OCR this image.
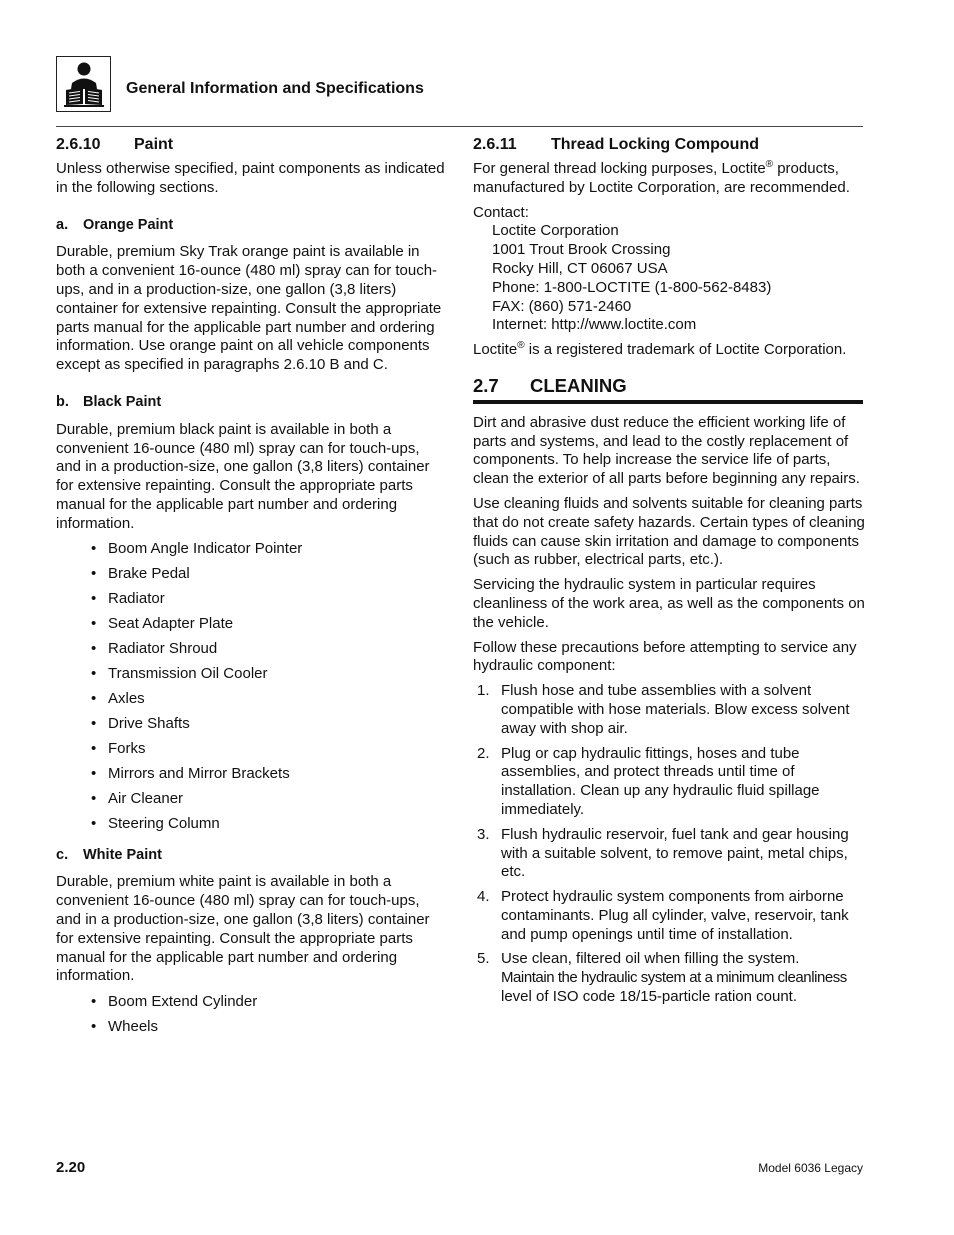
General Information and Specifications
2.6.10 Paint

Unless otherwise specified, paint components as indicated in the following sections.

a. Orange Paint

Durable, premium Sky Trak orange paint is available in both a convenient 16-ounce (480 ml) spray can for touch-ups, and in a production-size, one gallon (3,8 liters) container for extensive repainting. Consult the appropriate parts manual for the applicable part number and ordering information. Use orange paint on all vehicle components except as specified in paragraphs 2.6.10 B and C.

b. Black Paint

Durable, premium black paint is available in both a convenient 16-ounce (480 ml) spray can for touch-ups, and in a production-size, one gallon (3,8 liters) container for extensive repainting. Consult the appropriate parts manual for the applicable part number and ordering information.

• Boom Angle Indicator Pointer
• Brake Pedal
• Radiator
• Seat Adapter Plate
• Radiator Shroud
• Transmission Oil Cooler
• Axles
• Drive Shafts
• Forks
• Mirrors and Mirror Brackets
• Air Cleaner
• Steering Column
c. White Paint

Durable, premium white paint is available in both a convenient 16-ounce (480 ml) spray can for touch-ups, and in a production-size, one gallon (3,8 liters) container for extensive repainting. Consult the appropriate parts manual for the applicable part number and ordering information.

• Boom Extend Cylinder
• Wheels
2.6.11 Thread Locking Compound

For general thread locking purposes, Loctite® products, manufactured by Loctite Corporation, are recommended.

Contact:

Loctite Corporation

1001 Trout Brook Crossing

Rocky Hill, CT 06067 USA

Phone: 1-800-LOCTITE (1-800-562-8483)

FAX: (860) 571-2460

Internet: http://www.loctite.com

Loctite® is a registered trademark of Loctite Corporation.

2.7 CLEANING

Dirt and abrasive dust reduce the efficient working life of parts and systems, and lead to the costly replacement of components. To help increase the service life of parts, clean the exterior of all parts before beginning any repairs.

Use cleaning fluids and solvents suitable for cleaning parts that do not create safety hazards. Certain types of cleaning fluids can cause skin irritation and damage to components (such as rubber, electrical parts, etc.).

Servicing the hydraulic system in particular requires cleanliness of the work area, as well as the components on the vehicle.

Follow these precautions before attempting to service any hydraulic component:

1. Flush hose and tube assemblies with a solvent compatible with hose materials. Blow excess solvent away with shop air.
2. Plug or cap hydraulic fittings, hoses and tube assemblies, and protect threads until time of installation. Clean up any hydraulic fluid spillage immediately.
3. Flush hydraulic reservoir, fuel tank and gear housing with a suitable solvent, to remove paint, metal chips, etc.
4. Protect hydraulic system components from airborne contaminants. Plug all cylinder, valve, reservoir, tank and pump openings until time of installation.
5. Use clean, filtered oil when filling the system.
Maintain the hydraulic system at a minimum cleanliness
level of ISO code 18/15-particle ration count.
2.20	Model 6036 Legacy
